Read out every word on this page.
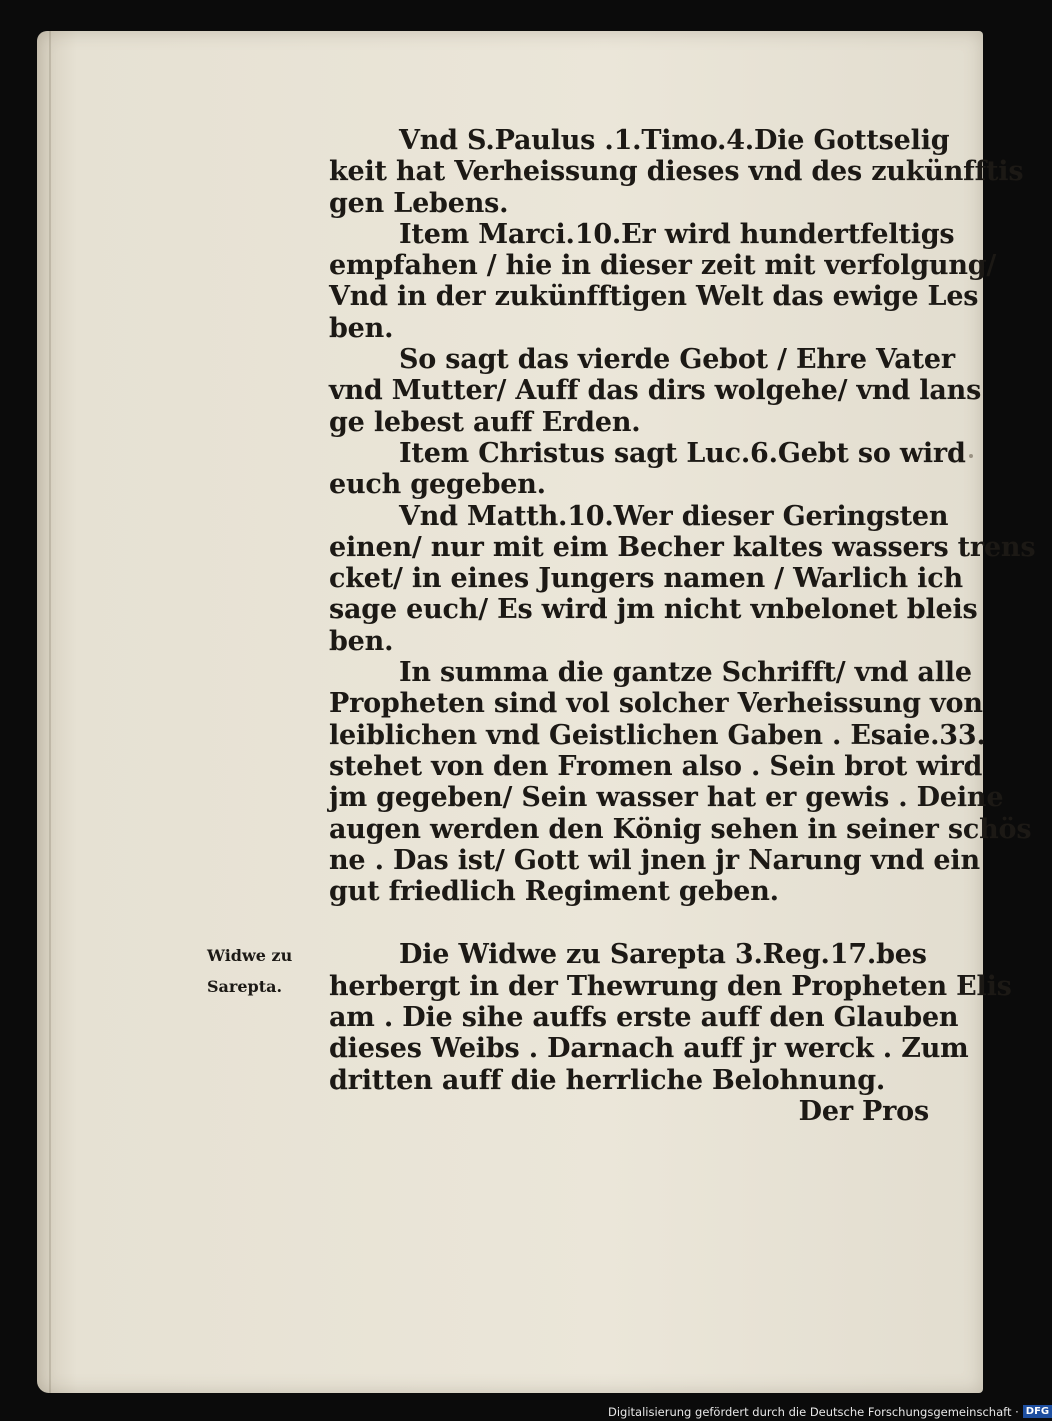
Vnd S.Paulus .1.Timo.4.Die Gottselig
keit hat Verheissung dieses vnd des zukünfftis
gen Lebens.
Item Marci.10.Er wird hundertfeltigs
empfahen / hie in dieser zeit mit verfolgung/
Vnd in der zukünfftigen Welt das ewige Les
ben.
So sagt das vierde Gebot / Ehre Vater
vnd Mutter/ Auff das dirs wolgehe/ vnd lans
ge lebest auff Erden.
Item Christus sagt Luc.6.Gebt so wird
euch gegeben.
Vnd Matth.10.Wer dieser Geringsten
einen/ nur mit eim Becher kaltes wassers trens
cket/ in eines Jungers namen / Warlich ich
sage euch/ Es wird jm nicht vnbelonet bleis
ben.
In summa die gantze Schrifft/ vnd alle
Propheten sind vol solcher Verheissung von
leiblichen vnd Geistlichen Gaben . Esaie.33.
stehet von den Fromen also . Sein brot wird
jm gegeben/ Sein wasser hat er gewis . Deine
augen werden den König sehen in seiner schös
ne . Das ist/ Gott wil jnen jr Narung vnd ein
gut friedlich Regiment geben.
Die Widwe zu Sarepta 3.Reg.17.bes
herbergt in der Thewrung den Propheten Elis
am . Die sihe auffs erste auff den Glauben
dieses Weibs . Darnach auff jr werck . Zum
dritten auff die herrliche Belohnung.
Der Pros
Widwe zu
Sarepta.
Digitalisierung gefördert durch die Deutsche Forschungsgemeinschaft · DFG
